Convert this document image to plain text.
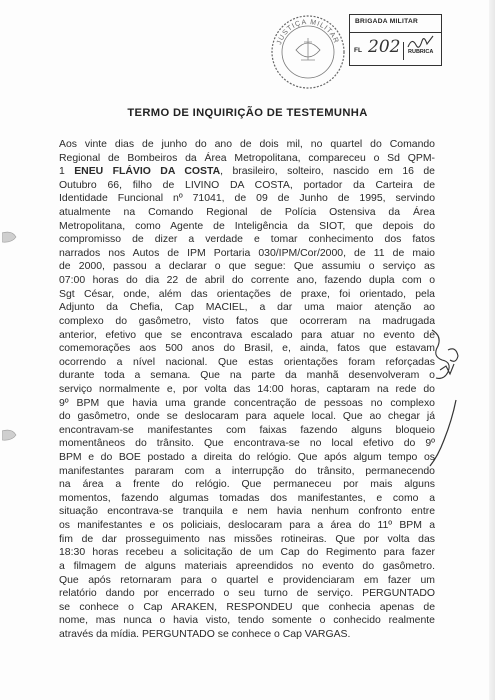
JUSTIÇA MILITAR
BRIGADA MILITAR
FL 202 RUBRICA
TERMO DE INQUIRIÇÃO DE TESTEMUNHA
Aos vinte dias de junho do ano de dois mil, no quartel do Comando
Regional de Bombeiros da Área Metropolitana, compareceu o Sd QPM-
1 ENEU FLÁVIO DA COSTA, brasileiro, solteiro, nascido em 16 de
Outubro 66, filho de LIVINO DA COSTA, portador da Carteira de
Identidade Funcional nº 71041, de 09 de Junho de 1995, servindo
atualmente na Comando Regional de Polícia Ostensiva da Área
Metropolitana, como Agente de Inteligência da SIOT, que depois do
compromisso de dizer a verdade e tomar conhecimento dos fatos
narrados nos Autos de IPM Portaria 030/IPM/Cor/2000, de 11 de maio
de 2000, passou a declarar o que segue: Que assumiu o serviço as
07:00 horas do dia 22 de abril do corrente ano, fazendo dupla com o
Sgt César, onde, além das orientações de praxe, foi orientado, pela
Adjunto da Chefia, Cap MACIEL, a dar uma maior atenção ao
complexo do gasômetro, visto fatos que ocorreram na madrugada
anterior, efetivo que se encontrava escalado para atuar no evento de
comemorações aos 500 anos do Brasil, e, ainda, fatos que estavam
ocorrendo a nível nacional. Que estas orientações foram reforçadas
durante toda a semana. Que na parte da manhã desenvolveram o
serviço normalmente e, por volta das 14:00 horas, captaram na rede do
9º BPM que havia uma grande concentração de pessoas no complexo
do gasômetro, onde se deslocaram para aquele local. Que ao chegar já
encontravam-se manifestantes com faixas fazendo alguns bloqueio
momentâneos do trânsito. Que encontrava-se no local efetivo do 9º
BPM e do BOE postado a direita do relógio. Que após algum tempo os
manifestantes pararam com a interrupção do trânsito, permanecendo
na área a frente do relógio. Que permaneceu por mais alguns
momentos, fazendo algumas tomadas dos manifestantes, e como a
situação encontrava-se tranquila e nem havia nenhum confronto entre
os manifestantes e os policiais, deslocaram para a área do 11º BPM a
fim de dar prosseguimento nas missões rotineiras. Que por volta das
18:30 horas recebeu a solicitação de um Cap do Regimento para fazer
a filmagem de alguns materiais apreendidos no evento do gasômetro.
Que após retornaram para o quartel e providenciaram em fazer um
relatório dando por encerrado o seu turno de serviço. PERGUNTADO
se conhece o Cap ARAKEN, RESPONDEU que conhecia apenas de
nome, mas nunca o havia visto, tendo somente o conhecido realmente
através da mídia. PERGUNTADO se conhece o Cap VARGAS.
